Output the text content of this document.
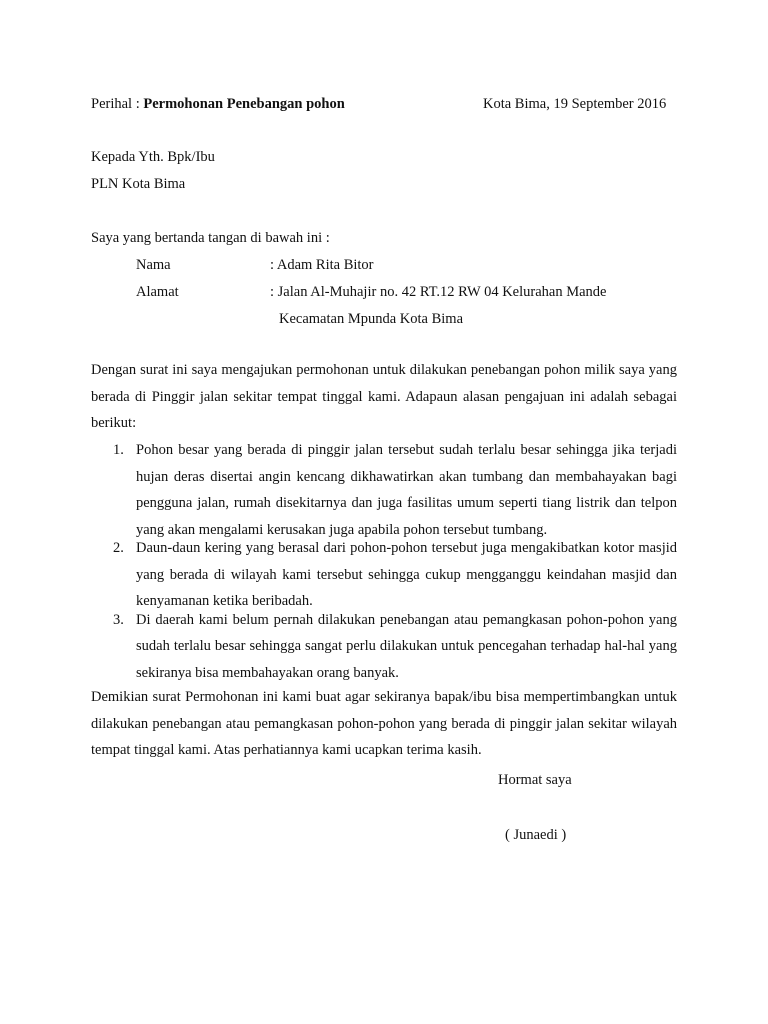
Perihal : Permohonan Penebangan pohon	Kota Bima, 19 September 2016
Kepada Yth. Bpk/Ibu
PLN Kota Bima
Saya yang bertanda tangan di bawah ini :
Nama	: Adam Rita Bitor
Alamat	: Jalan Al-Muhajir no. 42 RT.12 RW 04 Kelurahan Mande
Kecamatan Mpunda Kota Bima

Dengan surat ini saya mengajukan permohonan untuk dilakukan penebangan pohon milik saya yang berada di Pinggir jalan sekitar tempat tinggal kami. Adapaun alasan pengajuan ini adalah sebagai berikut:

1. Pohon besar yang berada di pinggir jalan tersebut sudah terlalu besar sehingga jika terjadi hujan deras disertai angin kencang dikhawatirkan akan tumbang dan membahayakan bagi pengguna jalan, rumah disekitarnya dan juga fasilitas umum seperti tiang listrik dan telpon yang akan mengalami kerusakan juga apabila pohon tersebut tumbang.
2. Daun-daun kering yang berasal dari pohon-pohon tersebut juga mengakibatkan kotor masjid yang berada di wilayah kami tersebut sehingga cukup mengganggu keindahan masjid dan kenyamanan ketika beribadah.
3. Di daerah kami belum pernah dilakukan penebangan atau pemangkasan pohon-pohon yang sudah terlalu besar sehingga sangat perlu dilakukan untuk pencegahan terhadap hal-hal yang sekiranya bisa membahayakan orang banyak.

Demikian surat Permohonan ini kami buat agar sekiranya bapak/ibu bisa mempertimbangkan untuk dilakukan penebangan atau pemangkasan pohon-pohon yang berada di pinggir jalan sekitar wilayah tempat tinggal kami. Atas perhatiannya kami ucapkan terima kasih.

Hormat saya
( Junaedi )
